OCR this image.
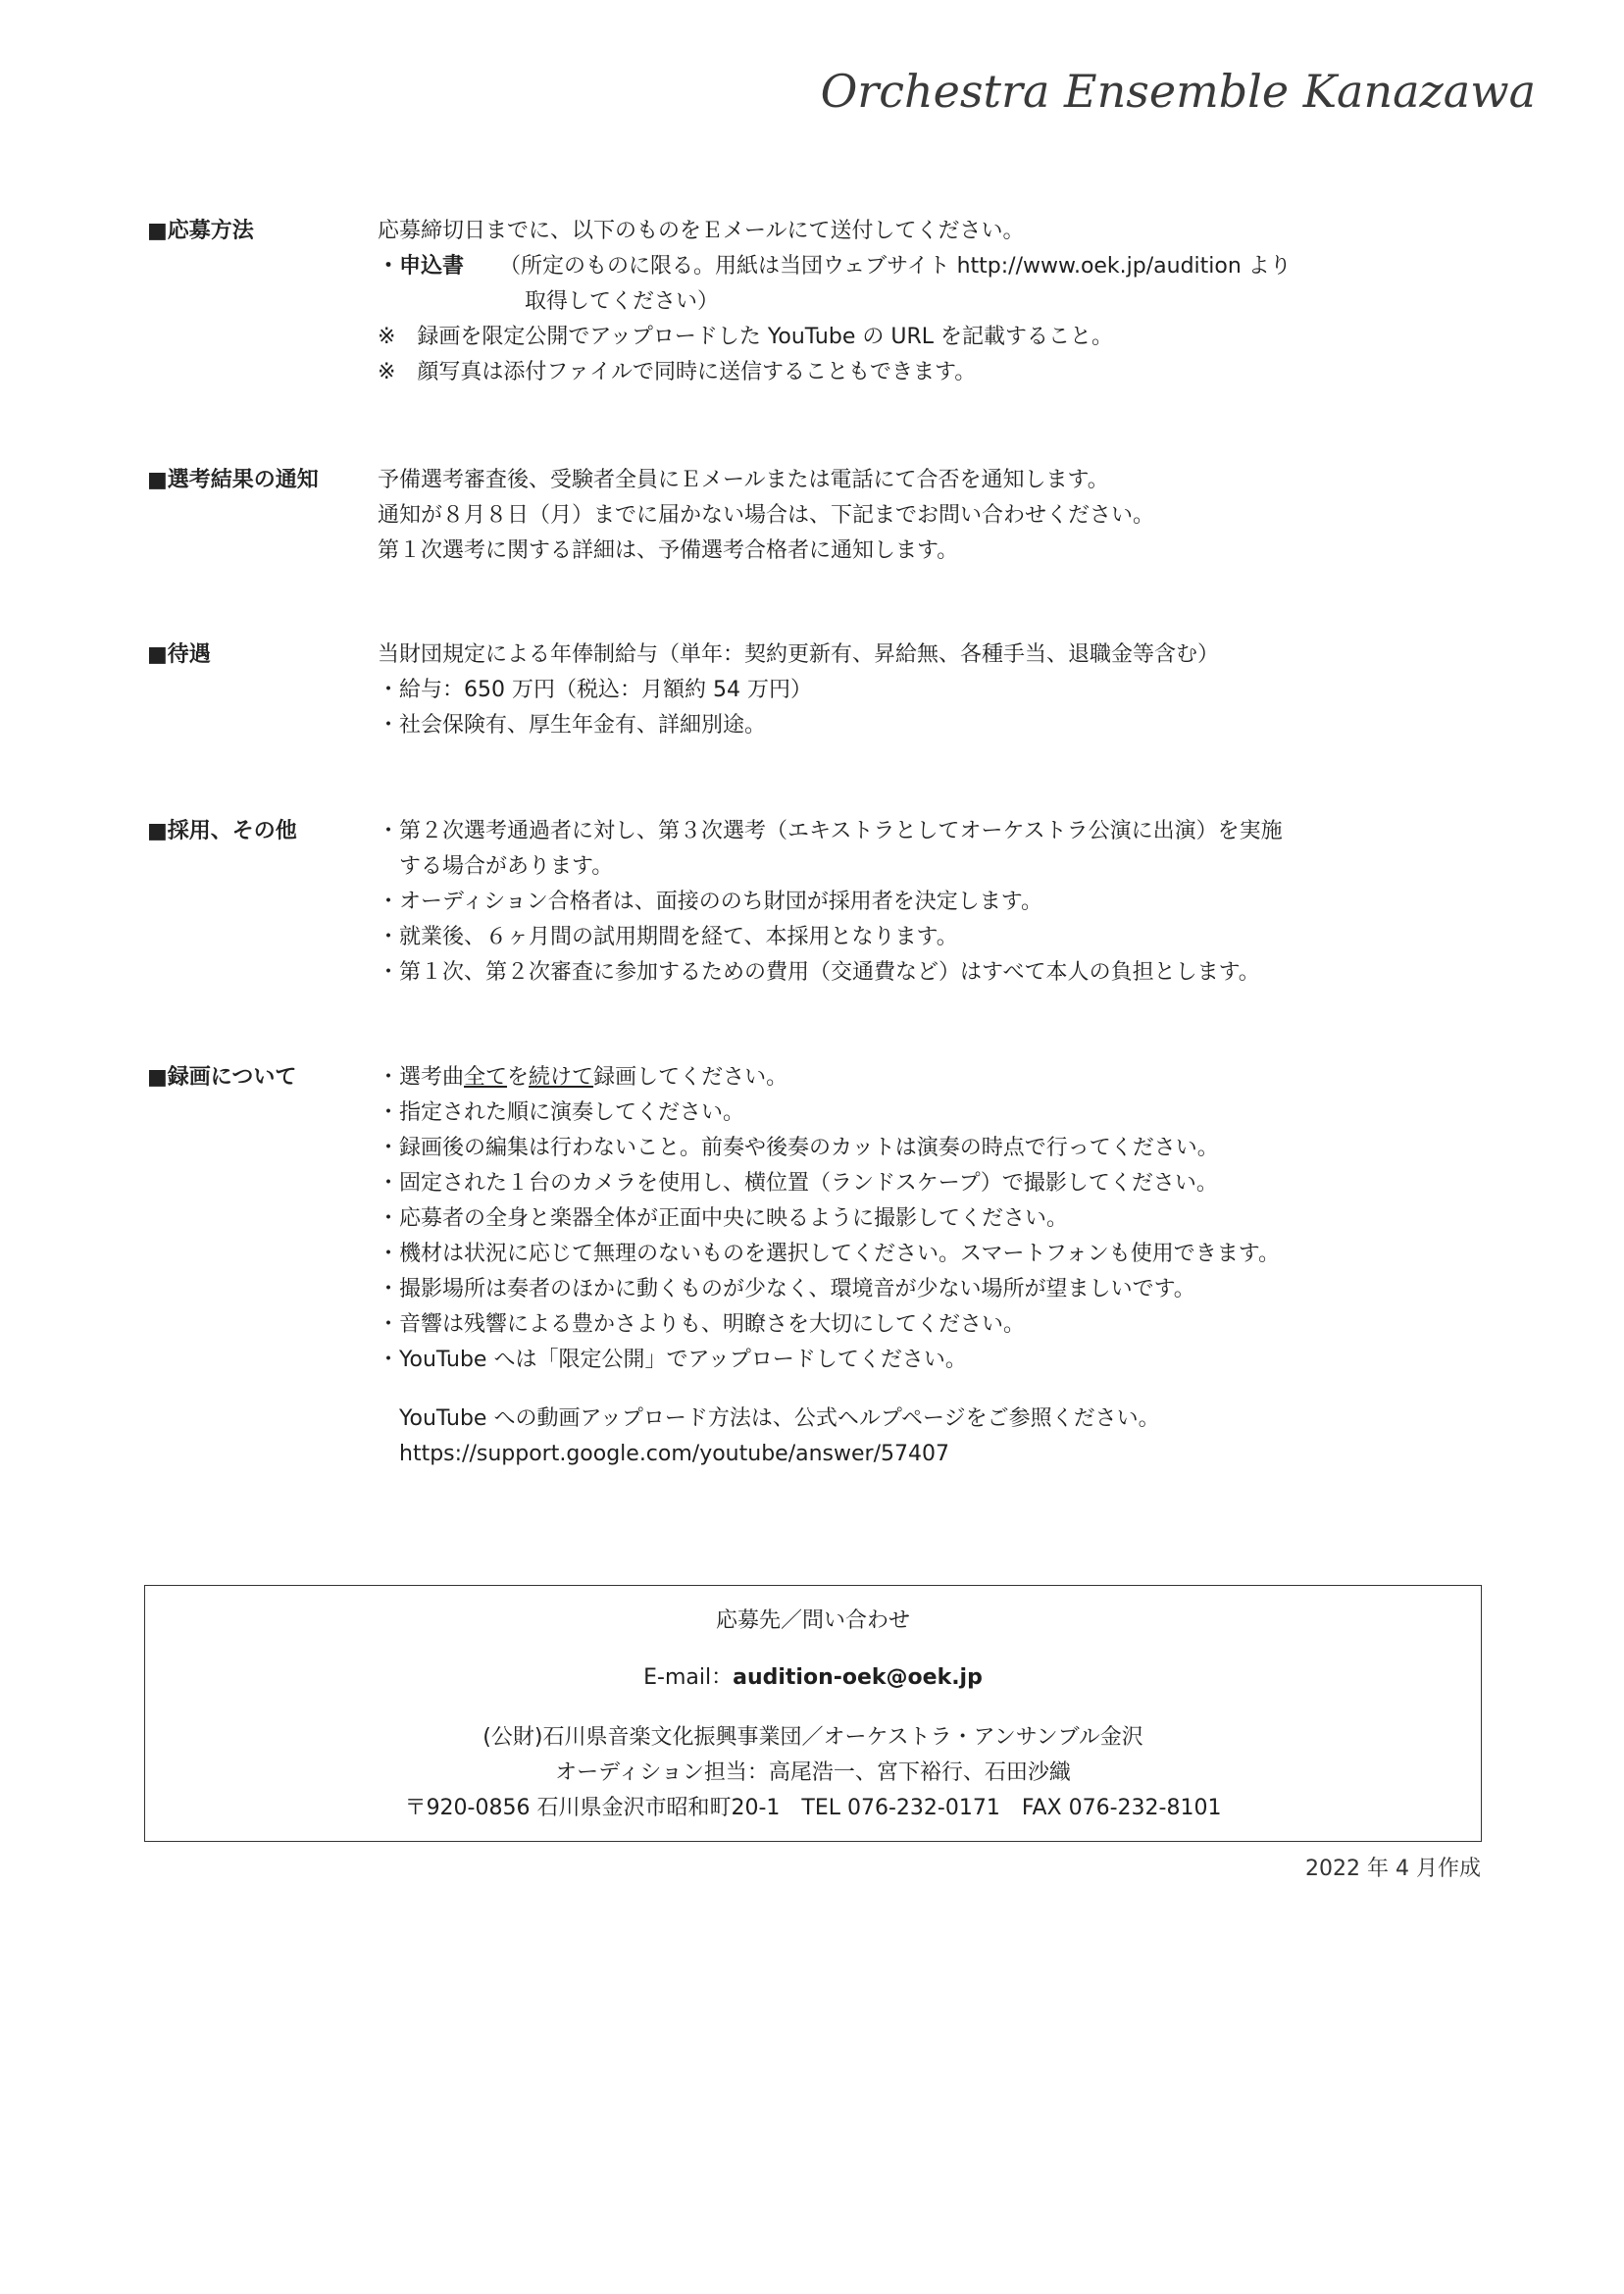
Orchestra Ensemble Kanazawa
■応募方法	応募締切日までに、以下のものをＥメールにて送付してください。
・申込書 （所定のものに限る。用紙は当団ウェブサイト http://www.oek.jp/audition より
取得してください）
※　録画を限定公開でアップロードした YouTube の URL を記載すること。
※　顔写真は添付ファイルで同時に送信することもできます。
■選考結果の通知	予備選考審査後、受験者全員にＥメールまたは電話にて合否を通知します。
通知が８月８日（月）までに届かない場合は、下記までお問い合わせください。
第１次選考に関する詳細は、予備選考合格者に通知します。
■待遇	当財団規定による年俸制給与（単年：契約更新有、昇給無、各種手当、退職金等含む）
・給与：650 万円（税込：月額約 54 万円）
・社会保険有、厚生年金有、詳細別途。
■採用、その他	・第２次選考通過者に対し、第３次選考（エキストラとしてオーケストラ公演に出演）を実施
する場合があります。
・オーディション合格者は、面接ののち財団が採用者を決定します。
・就業後、６ヶ月間の試用期間を経て、本採用となります。
・第１次、第２次審査に参加するための費用（交通費など）はすべて本人の負担とします。
■録画について	・選考曲全てを続けて録画してください。
・指定された順に演奏してください。
・録画後の編集は行わないこと。前奏や後奏のカットは演奏の時点で行ってください。
・固定された１台のカメラを使用し、横位置（ランドスケープ）で撮影してください。
・応募者の全身と楽器全体が正面中央に映るように撮影してください。
・機材は状況に応じて無理のないものを選択してください。スマートフォンも使用できます。
・撮影場所は奏者のほかに動くものが少なく、環境音が少ない場所が望ましいです。
・音響は残響による豊かさよりも、明瞭さを大切にしてください。
・YouTube へは「限定公開」でアップロードしてください。
YouTube への動画アップロード方法は、公式ヘルプページをご参照ください。
https://support.google.com/youtube/answer/57407
応募先／問い合わせ
E-mail：audition-oek@oek.jp
(公財)石川県音楽文化振興事業団／オーケストラ・アンサンブル金沢
オーディション担当：高尾浩一、宮下裕行、石田沙織
〒920-0856 石川県金沢市昭和町20-1　TEL 076-232-0171　FAX 076-232-8101
2022 年 4 月作成
